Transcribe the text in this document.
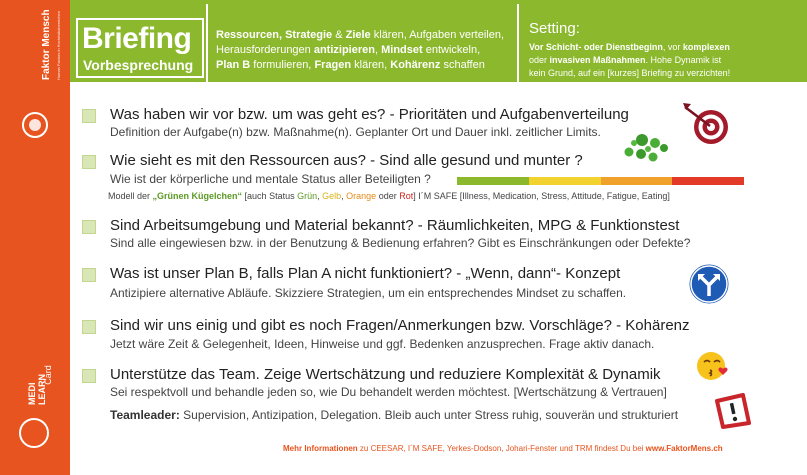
Faktor Mensch Human Factors in Hochrisikobereichen
MEDI LEARN
Card
Briefing
Vorbesprechung
Ressourcen, Strategie & Ziele klären, Aufgaben verteilen,
Herausforderungen antizipieren, Mindset entwickeln,
Plan B formulieren, Fragen klären, Kohärenz schaffen
Setting:
Vor Schicht- oder Dienstbeginn, vor komplexen
oder invasiven Maßnahmen. Hohe Dynamik ist
kein Grund, auf ein [kurzes] Briefing zu verzichten!
Was haben wir vor bzw. um was geht es? - Prioritäten und Aufgabenverteilung
Definition der Aufgabe(n) bzw. Maßnahme(n). Geplanter Ort und Dauer inkl. zeitlicher Limits.
Wie sieht es mit den Ressourcen aus? - Sind alle gesund und munter ?
Wie ist der körperliche und mentale Status aller Beteiligten ?
Modell der „Grünen Kügelchen“ [auch Status Grün, Gelb, Orange oder Rot] I´M SAFE [Illness, Medication, Stress, Attitude, Fatigue, Eating]
Sind Arbeitsumgebung und Material bekannt? - Räumlichkeiten, MPG & Funktionstest
Sind alle eingewiesen bzw. in der Benutzung & Bedienung erfahren? Gibt es Einschränkungen oder Defekte?
Was ist unser Plan B, falls Plan A nicht funktioniert? - „Wenn, dann“- Konzept
Antizipiere alternative Abläufe. Skizziere Strategien, um ein entsprechendes Mindset zu schaffen.
Sind wir uns einig und gibt es noch Fragen/Anmerkungen bzw. Vorschläge? - Kohärenz
Jetzt wäre Zeit & Gelegenheit, Ideen, Hinweise und ggf. Bedenken anzusprechen. Frage aktiv danach.
Unterstütze das Team. Zeige Wertschätzung und reduziere Komplexität & Dynamik
Sei respektvoll und behandle jeden so, wie Du behandelt werden möchtest. [Wertschätzung & Vertrauen]
Teamleader: Supervision, Antizipation, Delegation. Bleib auch unter Stress ruhig, souverän und strukturiert
Mehr Informationen zu CEESAR, I´M SAFE, Yerkes-Dodson, Johari-Fenster und TRM findest Du bei www.FaktorMens.ch
